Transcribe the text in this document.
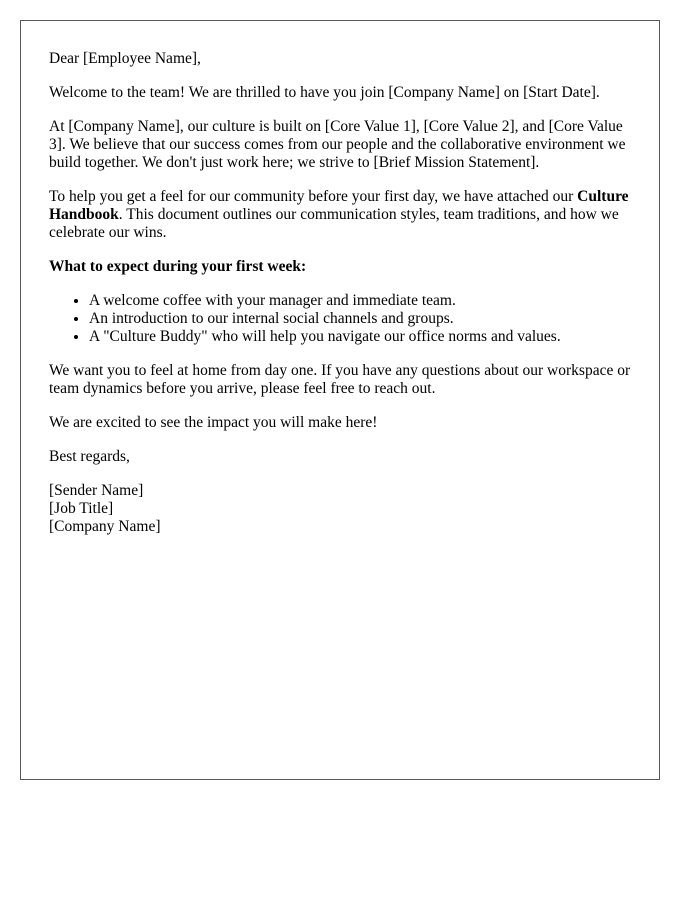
Dear [Employee Name],

Welcome to the team! We are thrilled to have you join [Company Name] on [Start Date].

At [Company Name], our culture is built on [Core Value 1], [Core Value 2], and [Core Value 3]. We believe that our success comes from our people and the collaborative environment we build together. We don't just work here; we strive to [Brief Mission Statement].

To help you get a feel for our community before your first day, we have attached our Culture Handbook. This document outlines our communication styles, team traditions, and how we celebrate our wins.

What to expect during your first week:

• A welcome coffee with your manager and immediate team.
• An introduction to our internal social channels and groups.
• A "Culture Buddy" who will help you navigate our office norms and values.

We want you to feel at home from day one. If you have any questions about our workspace or team dynamics before you arrive, please feel free to reach out.

We are excited to see the impact you will make here!

Best regards,

[Sender Name]

[Job Title]

[Company Name]
